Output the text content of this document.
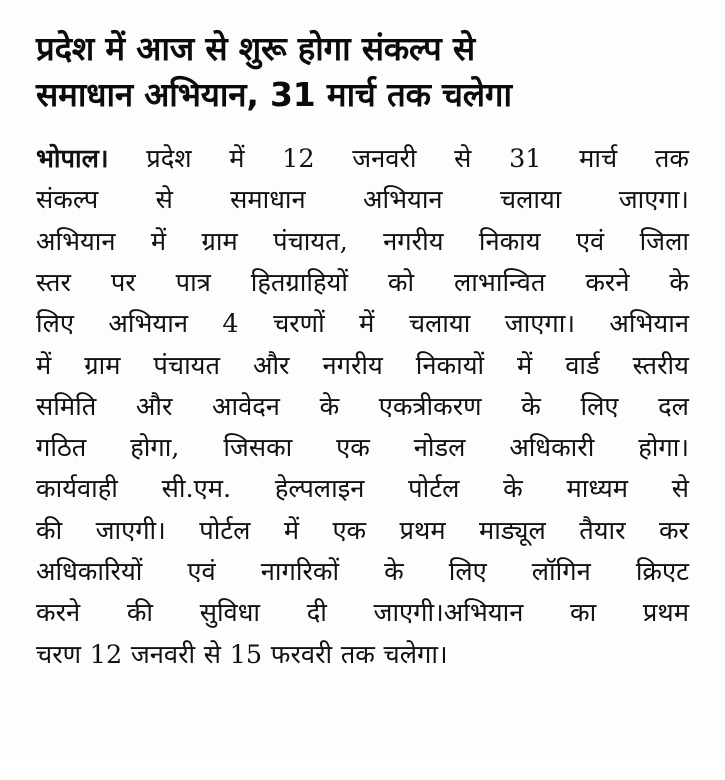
प्रदेश में आज से शुरू होगा संकल्प से
समाधान अभियान, 31 मार्च तक चलेगा
भोपाल। प्रदेश में 12 जनवरी से 31 मार्च तक
संकल्प से समाधान अभियान चलाया जाएगा।
अभियान में ग्राम पंचायत, नगरीय निकाय एवं जिला
स्तर पर पात्र हितग्राहियों को लाभान्वित करने के
लिए अभियान 4 चरणों में चलाया जाएगा। अभियान
में ग्राम पंचायत और नगरीय निकायों में वार्ड स्तरीय
समिति और आवेदन के एकत्रीकरण के लिए दल
गठित होगा, जिसका एक नोडल अधिकारी होगा।
कार्यवाही सी.एम. हेल्पलाइन पोर्टल के माध्यम से
की जाएगी। पोर्टल में एक प्रथम माड्यूल तैयार कर
अधिकारियों एवं नागरिकों के लिए लॉगिन क्रिएट
करने की सुविधा दी जाएगी।अभियान का प्रथम
चरण 12 जनवरी से 15 फरवरी तक चलेगा।
